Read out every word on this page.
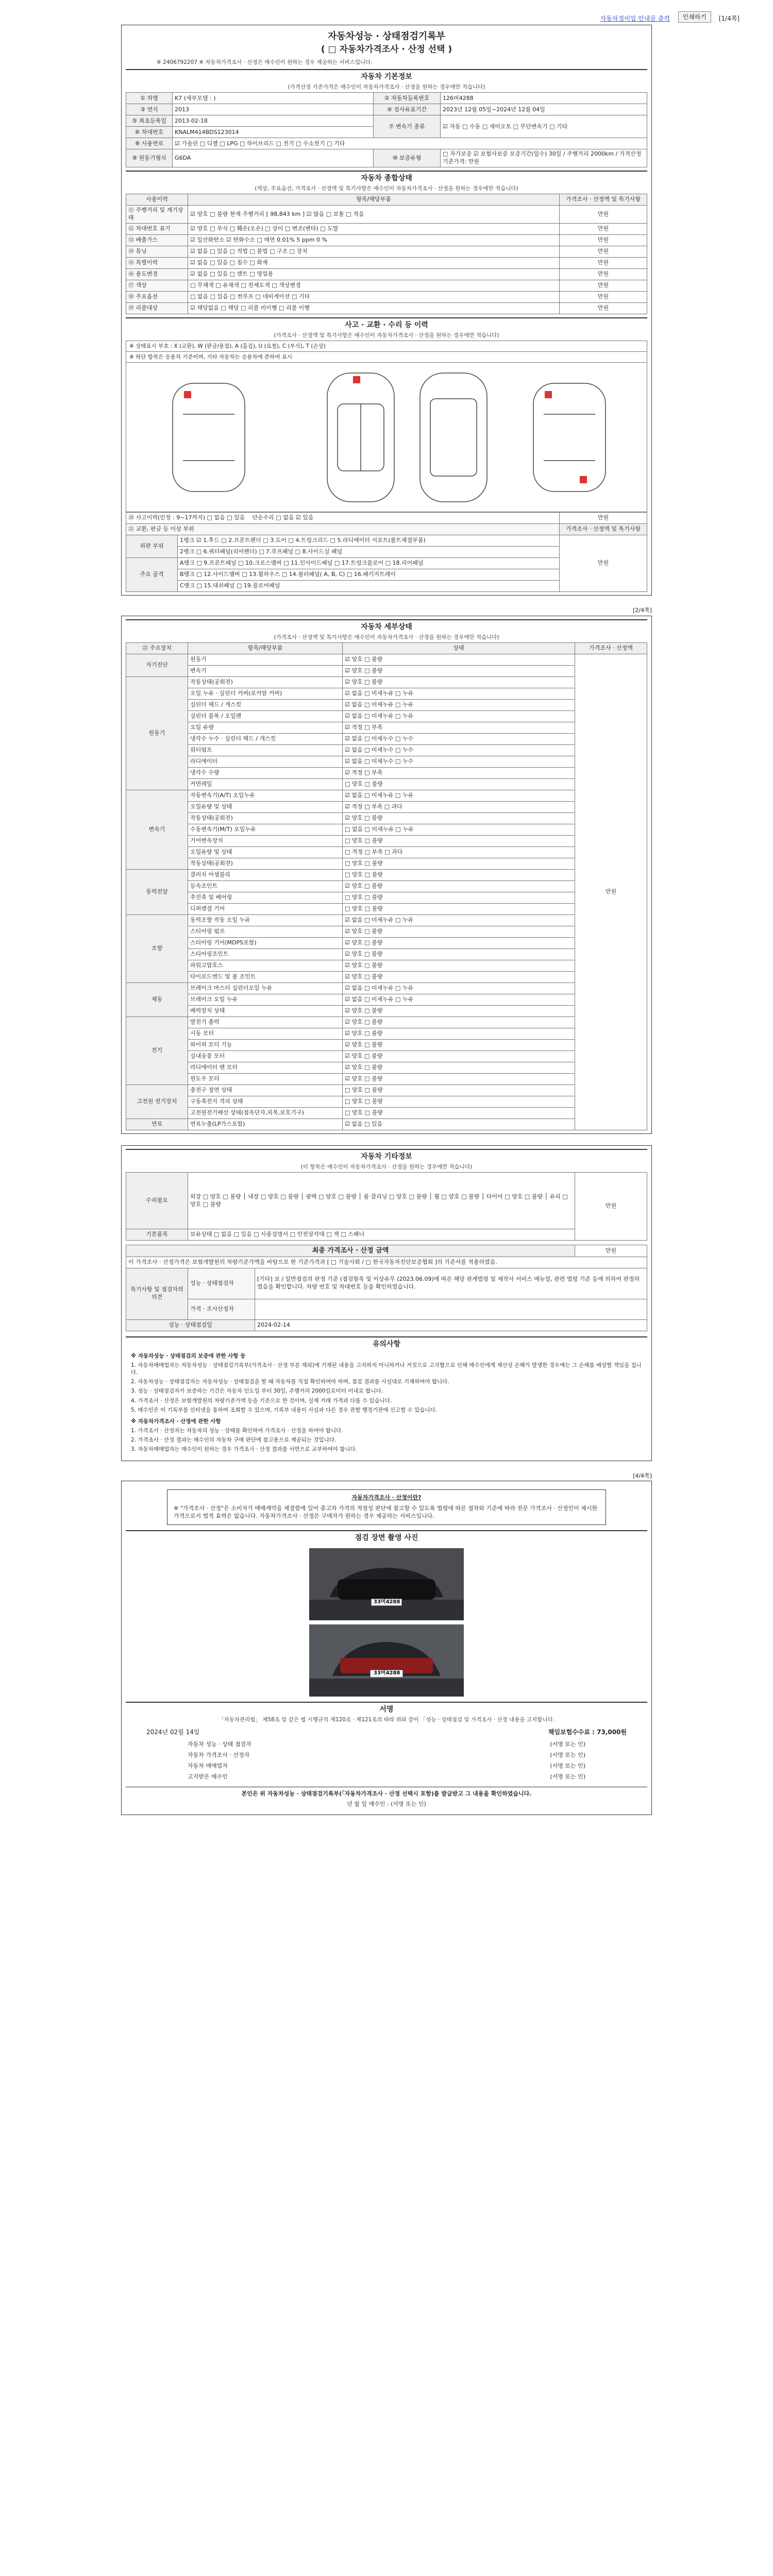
자동차정비업 안내문 출력	인쇄하기	[1/4쪽]
자동차성능 · 상태점검기록부
( □ 자동차가격조사 · 산정 선택 )
※ 2406792207 ※ 자동차가격조사 · 산정은 매수인이 원하는 경우 제공하는 서비스입니다.
자동차 기본정보
(가격산정 기준가격은 매수인이 자동차가격조사 · 산정을 원하는 경우에만 적습니다)
① 차명	K7 (세부모델 : )	② 자동차등록번호	126머4288
③ 연식	2013	④ 검사유효기간	2023년 12월 05일~2024년 12월 04일
⑤ 최초등록일	2013-02-18	⑦ 변속기 종류	☑ 자동 □ 수동 □ 세미오토 □ 무단변속기 □ 기타
⑥ 차대번호	KNALM414BDS123014		
⑧ 사용연료	☑ 가솔린 □ 디젤 □ LPG □ 하이브리드 □ 전기 □ 수소전기 □ 기타		
⑨ 원동기형식	G6DA	⑩ 보증유형	□ 자가보증 ☑ 보험사보증 보증기간(일수) 30일 / 주행거리 2000km / 가격산정 기준가격: 만원
자동차 종합상태
(색상, 주요옵션, 가격조사 · 산정액 및 특기사항은 매수인이 자동차가격조사 · 산정을 원하는 경우에만 적습니다)
사용이력	항목/해당부품	가격조사 · 산정액 및 특기사항
⑪ 주행거리 및 계기상태	☑ 양호 □ 불량 현재 주행거리 [ 98,843 km ] ☑ 많음 □ 보통 □ 적음	만원
⑫ 차대번호 표기	☑ 양호 □ 부식 □ 훼손(오손) □ 상이 □ 변조(변타) □ 도말	만원
⑬ 배출가스	☑ 일산화탄소 ☑ 탄화수소 □ 매연 0.01% 5 ppm 0 %	만원
⑭ 튜닝	☑ 없음 □ 있음 □ 적법 □ 불법 □ 구조 □ 장치	만원
⑮ 특별이력	☑ 없음 □ 있음 □ 침수 □ 화재	만원
⑯ 용도변경	☑ 없음 □ 있음 □ 렌트 □ 영업용	만원
⑰ 색상	□ 무채색 □ 유채색 □ 전체도색 □ 색상변경	만원
⑱ 주요옵션	□ 없음 □ 있음 □ 썬루프 □ 네비게이션 □ 기타	만원
⑲ 리콜대상	☑ 해당없음 □ 해당 □ 리콜 미이행 □ 리콜 이행	만원
사고 · 교환 · 수리 등 이력
(가격조사 · 산정액 및 특기사항은 매수인이 자동차가격조사 · 산정을 원하는 경우에만 적습니다)
※ 상태표시 부호 : X (교환), W (판금/용접), A (흠집), U (요철), C (부식), T (손상)
※ 하단 항목은 승용차 기준이며, 기타 자동차는 승용차에 준하여 표시
⑳ 사고이력(인정 : 9~17까지) □ 없음 □ 있음 단순수리 □ 없음 ☑ 있음		만원
㉑ 교환, 판금 등 이상 부위		가격조사 · 산정액 및 특기사항
외판 부위	1랭크 ☑ 1.후드 □ 2.프론트펜더 □ 3.도어 □ 4.트렁크리드 □ 5.라디에이터 서포트(볼트체결부품)	만원
	2랭크 □ 6.쿼터패널(리어펜더) □ 7.루프패널 □ 8.사이드실 패널	
주요 골격	A랭크 □ 9.프론트패널 □ 10.크로스멤버 □ 11.인사이드패널 □ 17.트렁크플로어 □ 18.리어패널	
	B랭크 □ 12.사이드멤버 □ 13.휠하우스 □ 14.필러패널( A, B, C) □ 16.패키지트레이	
	C랭크 □ 15.대쉬패널 □ 19.플로어패널	
[2/4쪽]
자동차 세부상태
(가격조사 · 산정액 및 특기사항은 매수인이 자동차가격조사 · 산정을 원하는 경우에만 적습니다)
㉒ 주요장치	항목/해당부품	상태	가격조사 · 산정액
자기진단	원동기	☑ 양호 □ 불량	만원
	변속기	☑ 양호 □ 불량	
원동기	작동상태(공회전)	☑ 양호 □ 불량	
	오일 누유 · 실린더 커버(로커암 커버)	☑ 없음 □ 미세누유 □ 누유	
	실린더 헤드 / 개스킷	☑ 없음 □ 미세누유 □ 누유	
	실린더 블록 / 오일팬	☑ 없음 □ 미세누유 □ 누유	
	오일 유량	☑ 적정 □ 부족	
	냉각수 누수 · 실린더 헤드 / 개스킷	☑ 없음 □ 미세누수 □ 누수	
	워터펌프	☑ 없음 □ 미세누수 □ 누수	
	라디에이터	☑ 없음 □ 미세누수 □ 누수	
	냉각수 수량	☑ 적정 □ 부족	
	커먼레일	□ 양호 □ 불량	
변속기	자동변속기(A/T) 오일누유	☑ 없음 □ 미세누유 □ 누유	
	오일유량 및 상태	☑ 적정 □ 부족 □ 과다	
	작동상태(공회전)	☑ 양호 □ 불량	
	수동변속기(M/T) 오일누유	□ 없음 □ 미세누유 □ 누유	
	기어변속장치	□ 양호 □ 불량	
	오일유량 및 상태	□ 적정 □ 부족 □ 과다	
	작동상태(공회전)	□ 양호 □ 불량	
동력전달	클러치 어셈블리	□ 양호 □ 불량	
	등속조인트	☑ 양호 □ 불량	
	추진축 및 베어링	□ 양호 □ 불량	
	디퍼렌셜 기어	□ 양호 □ 불량	
조향	동력조향 작동 오일 누유	☑ 없음 □ 미세누유 □ 누유	
	스티어링 펌프	☑ 양호 □ 불량	
	스티어링 기어(MDPS포함)	☑ 양호 □ 불량	
	스티어링조인트	☑ 양호 □ 불량	
	파워고압호스	☑ 양호 □ 불량	
	타이로드엔드 및 볼 조인트	☑ 양호 □ 불량	
제동	브레이크 마스터 실린더오일 누유	☑ 없음 □ 미세누유 □ 누유	
	브레이크 오일 누유	☑ 없음 □ 미세누유 □ 누유	
	배력장치 상태	☑ 양호 □ 불량	
전기	발전기 출력	☑ 양호 □ 불량	
	시동 모터	☑ 양호 □ 불량	
	와이퍼 모터 기능	☑ 양호 □ 불량	
	실내송풍 모터	☑ 양호 □ 불량	
	라디에이터 팬 모터	☑ 양호 □ 불량	
	윈도우 모터	☑ 양호 □ 불량	
고전원 전기장치	충전구 절연 상태	□ 양호 □ 불량	
	구동축전지 격리 상태	□ 양호 □ 불량	
	고전원전기배선 상태(접속단자,피복,보호기구)	□ 양호 □ 불량	
연료	연료누출(LP가스포함)	☑ 없음 □ 있음	
자동차 기타정보
(이 항목은 매수인이 자동차가격조사 · 산정을 원하는 경우에만 적습니다)
수리필요	외장 □ 양호 □ 불량 │ 내장 □ 양호 □ 불량 │ 광택 □ 양호 □ 불량 │ 룸 클리닝 □ 양호 □ 불량 │ 휠 □ 양호 □ 불량 │ 타이어 □ 양호 □ 불량 │ 유리 □ 양호 □ 불량	만원
기본품목	보유상태 □ 없음 □ 있음 □ 사용설명서 □ 안전삼각대 □ 잭 □ 스패너	
최종 가격조사 · 산정 금액			만원
이 가격조사 · 산정가격은 보험개발원의 차량기준가액을 바탕으로 한 기준가격과 [ □ 기술사회 / □ 한국자동차진단보증협회 ]의 기준서를 적용하였음.			
특기사항 및 점검자의 의견	성능 · 상태점검자	[기타] 보 / 일반점검의 판정 기준 (점검항목 및 이상유무 (2023.06.09)에 따른 해당 관계법령 및 제작사 서비스 매뉴얼, 관련 법령 기준 등에 의하여 판정하였음을 확인합니다. 차량 번호 및 차대번호 등을 확인하였습니다.	
	가격 · 조사산정자		
성능 · 상태점검일		2024-02-14	
유의사항

※ 자동차성능 · 상태점검의 보증에 관한 사항 등

1. 자동차매매업자는 자동차성능 · 상태점검기록부(가격조사 · 산정 부분 제외)에 기재된 내용을 고지하지 아니하거나 거짓으로 고지함으로 인해 매수인에게 재산상 손해가 발생한 경우에는 그 손해를 배상할 책임을 집니다.

2. 자동차성능 · 상태점검자는 자동차성능 · 상태점검을 할 때 자동차를 직접 확인하여야 하며, 점검 결과를 사실대로 기재하여야 합니다.

3. 성능 · 상태점검자가 보증하는 기간은 자동차 인도일 부터 30일, 주행거리 2000킬로미터 이내로 합니다.

4. 가격조사 · 산정은 보험개발원의 차량기준가액 등을 기준으로 한 것이며, 실제 거래 가격과 다를 수 있습니다.

5. 매수인은 이 기록부를 인터넷을 통하여 조회할 수 있으며, 기록부 내용이 사실과 다른 경우 관할 행정기관에 신고할 수 있습니다.

※ 자동차가격조사 · 산정에 관한 사항

1. 가격조사 · 산정자는 자동차의 성능 · 상태를 확인하여 가격조사 · 산정을 하여야 합니다.

2. 가격조사 · 산정 결과는 매수인의 자동차 구매 판단에 참고용으로 제공되는 것입니다.

3. 자동차매매업자는 매수인이 원하는 경우 가격조사 · 산정 결과를 서면으로 교부하여야 합니다.

[4/4쪽]
자동차가격조사 · 산정이란?
※ "가격조사 · 산정"은 소비자가 매매계약을 체결함에 있어 중고차 가격의 적정성 판단에 참고할 수 있도록 법령에 따른 절차와 기준에 따라 전문 가격조사 · 산정인이 제시한 가격으로서 법적 효력은 없습니다. 자동차가격조사 · 산정은 구매자가 원하는 경우 제공하는 서비스입니다.
점검 장면 촬영 사진
33머4288
33머4288
서명
「자동차관리법」 제58조 및 같은 법 시행규칙 제120조 · 제121조의 따라 위와 같이 「성능 · 상태점검 및 가격조사 · 산정 내용을 고지합니다.
2024년 02월 14일	책임보험수수료 : 73,000원
자동차 성능 · 상태 점검자	(서명 또는 인)
자동차 가격조사 · 산정자	(서명 또는 인)
자동차 매매업자	(서명 또는 인)
고지받은 매수인	(서명 또는 인)
본인은 위 자동차성능 · 상태점검기록부(「자동차가격조사 · 산정 선택시 포함)를 발급받고 그 내용을 확인하였습니다.
년 월 일 매수인 : (서명 또는 인)
